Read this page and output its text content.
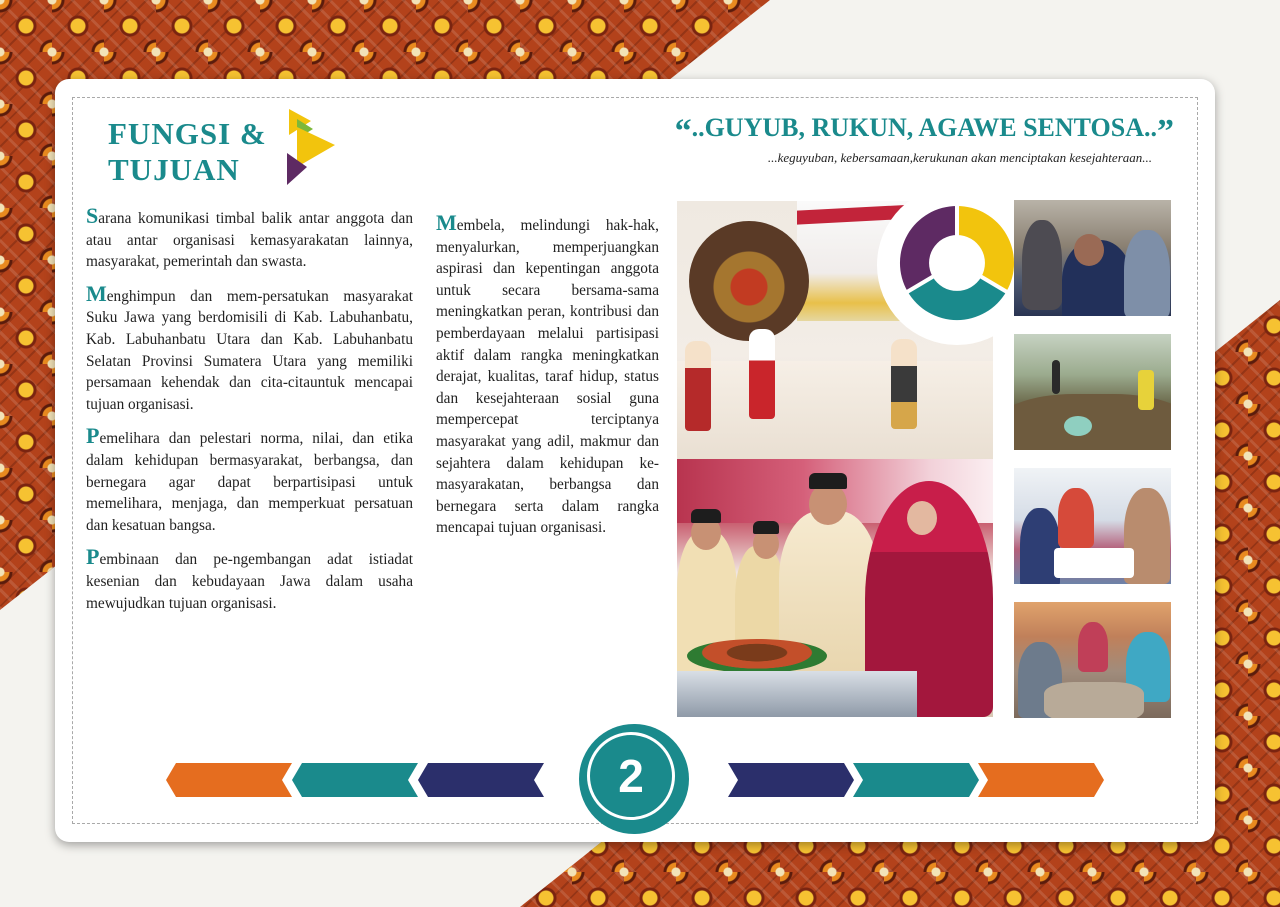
FUNGSI &
TUJUAN
“..GUYUB, RUKUN, AGAWE SENTOSA..”
...keguyuban, kebersamaan,kerukunan akan menciptakan kesejahteraan...

Sarana komunikasi timbal balik antar anggota dan atau antar organisasi kemasyarakatan lainnya, masyarakat, pemerintah dan swasta.

Menghimpun dan mem-persatukan masyarakat Suku Jawa yang berdomisili di Kab. Labuhanbatu, Kab. Labuhanbatu Utara dan Kab. Labuhanbatu Selatan Provinsi Sumatera Utara yang memiliki persamaan kehendak dan cita-citauntuk mencapai tujuan organisasi.

Pemelihara dan pelestari norma, nilai, dan etika dalam kehidupan bermasyarakat, berbangsa, dan bernegara agar dapat berpartisipasi untuk memelihara, menjaga, dan memperkuat persatuan dan kesatuan bangsa.

Pembinaan dan pe-ngembangan adat istiadat kesenian dan kebudayaan Jawa dalam usaha mewujudkan tujuan organisasi.

Membela, melindungi hak-hak, menyalurkan, memperjuangkan aspirasi dan kepentingan anggota untuk secara bersama-sama meningkatkan peran, kontribusi dan pemberdayaan melalui partisipasi aktif dalam rangka meningkatkan derajat, kualitas, taraf hidup, status dan kesejahteraan sosial guna mempercepat terciptanya masyarakat yang adil, makmur dan sejahtera dalam kehidupan ke-masyarakatan, berbangsa dan bernegara serta dalam rangka mencapai tujuan organisasi.

2
